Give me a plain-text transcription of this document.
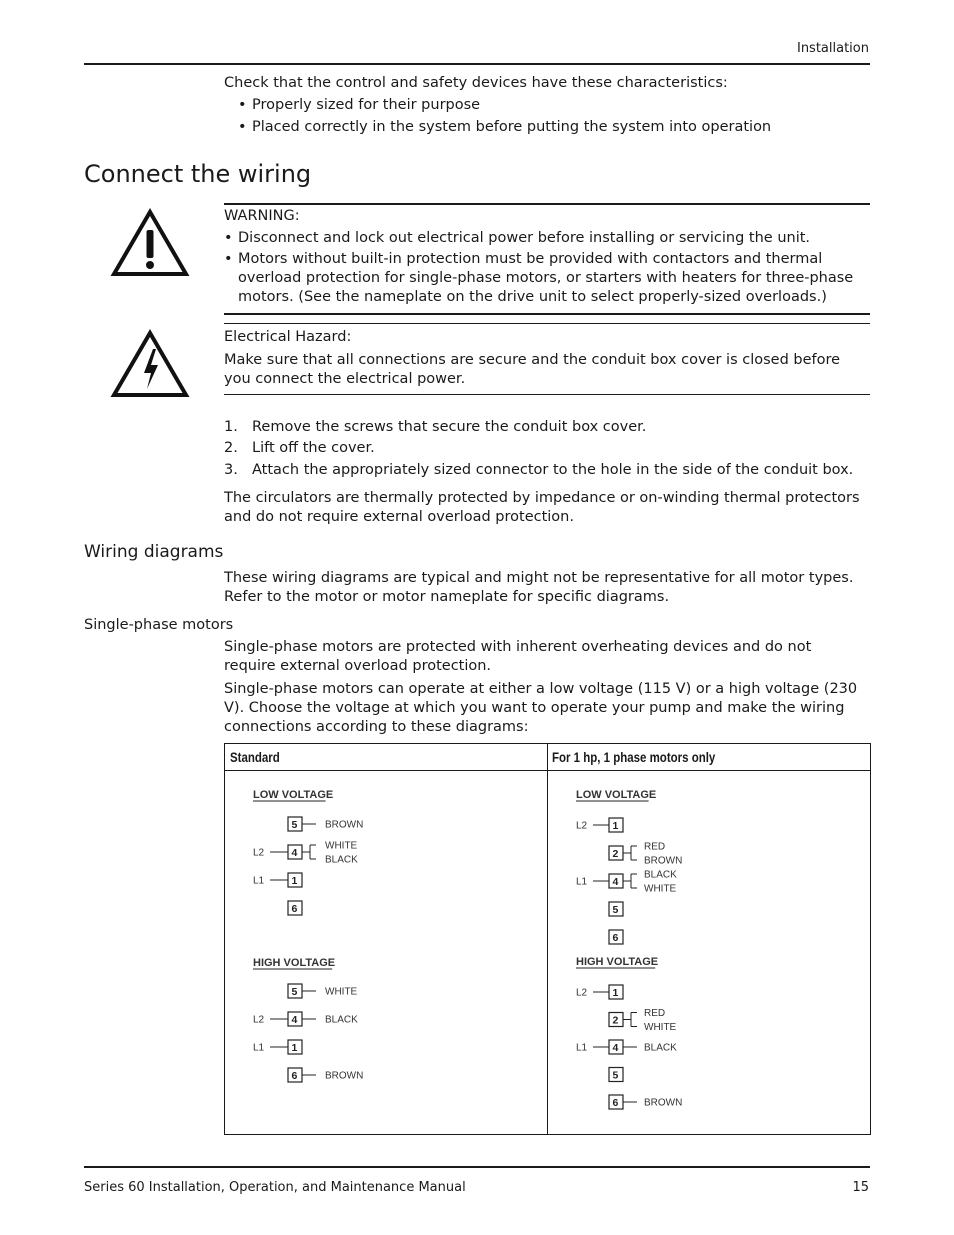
Installation
Check that the control and safety devices have these characteristics:
• Properly sized for their purpose
• Placed correctly in the system before putting the system into operation
Connect the wiring
WARNING:
• Disconnect and lock out electrical power before installing or servicing the unit.
• Motors without built-in protection must be provided with contactors and thermal overload protection for single-phase motors, or starters with heaters for three-phase motors. (See the nameplate on the drive unit to select properly-sized overloads.)
Electrical Hazard:
Make sure that all connections are secure and the conduit box cover is closed before you connect the electrical power.
1. Remove the screws that secure the conduit box cover.
2. Lift off the cover.
3. Attach the appropriately sized connector to the hole in the side of the conduit box.
The circulators are thermally protected by impedance or on-winding thermal protectors and do not require external overload protection.
Wiring diagrams
These wiring diagrams are typical and might not be representative for all motor types. Refer to the motor or motor nameplate for specific diagrams.
Single-phase motors
Single-phase motors are protected with inherent overheating devices and do not require external overload protection.
Single-phase motors can operate at either a low voltage (115 V) or a high voltage (230 V). Choose the voltage at which you want to operate your pump and make the wiring connections according to these diagrams:
Standard	For 1 hp, 1 phase motors only
LOW VOLTAGE
5	BROWN
4
L2
WHITE
BLACK
1
L1
6
HIGH VOLTAGE
5	WHITE
4
L2	BLACK
1
L1
6	BROWN
LOW VOLTAGE
1
L2
2
RED
BROWN
4
L1
BLACK
WHITE
5
6
HIGH VOLTAGE
1
L2
2
RED
WHITE
4
L1	BLACK
5
6	BROWN
Series 60 Installation, Operation, and Maintenance Manual	15
